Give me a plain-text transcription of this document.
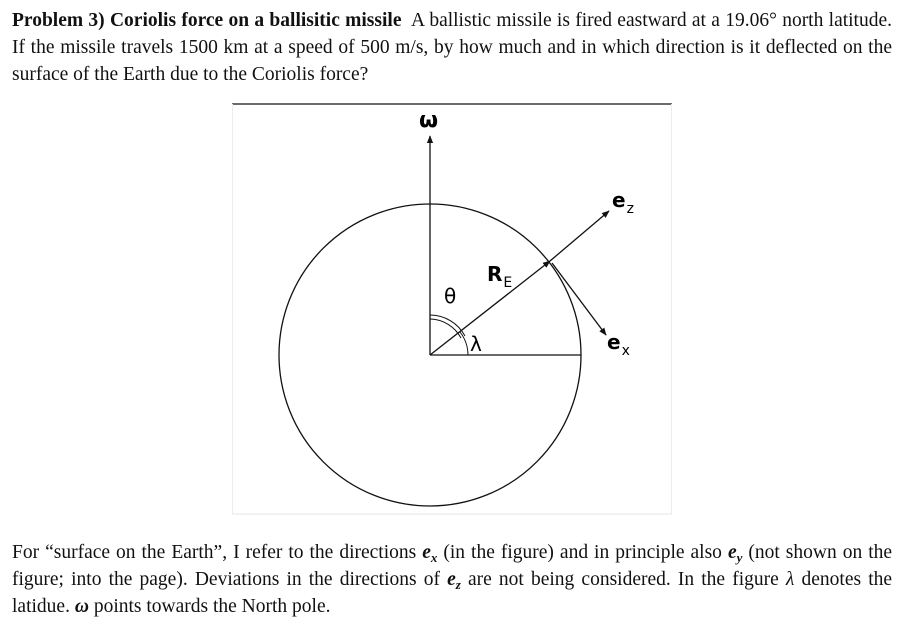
Problem 3) Coriolis force on a ballisitic missile A ballistic missile is fired eastward at a 19.06° north latitude. If the missile travels 1500 km at a speed of 500 m/s, by how much and in which direction is it deflected on the surface of the Earth due to the Coriolis force?
ω
$e_z$
$e_x$
$R_E$
θ
λ
For “surface on the Earth”, I refer to the directions $e_x$ (in the figure) and in principle also $e_y$ (not shown on the figure; into the page). Deviations in the directions of $e_z$ are not being considered. In the figure λ denotes the latidue. ω points towards the North pole.
